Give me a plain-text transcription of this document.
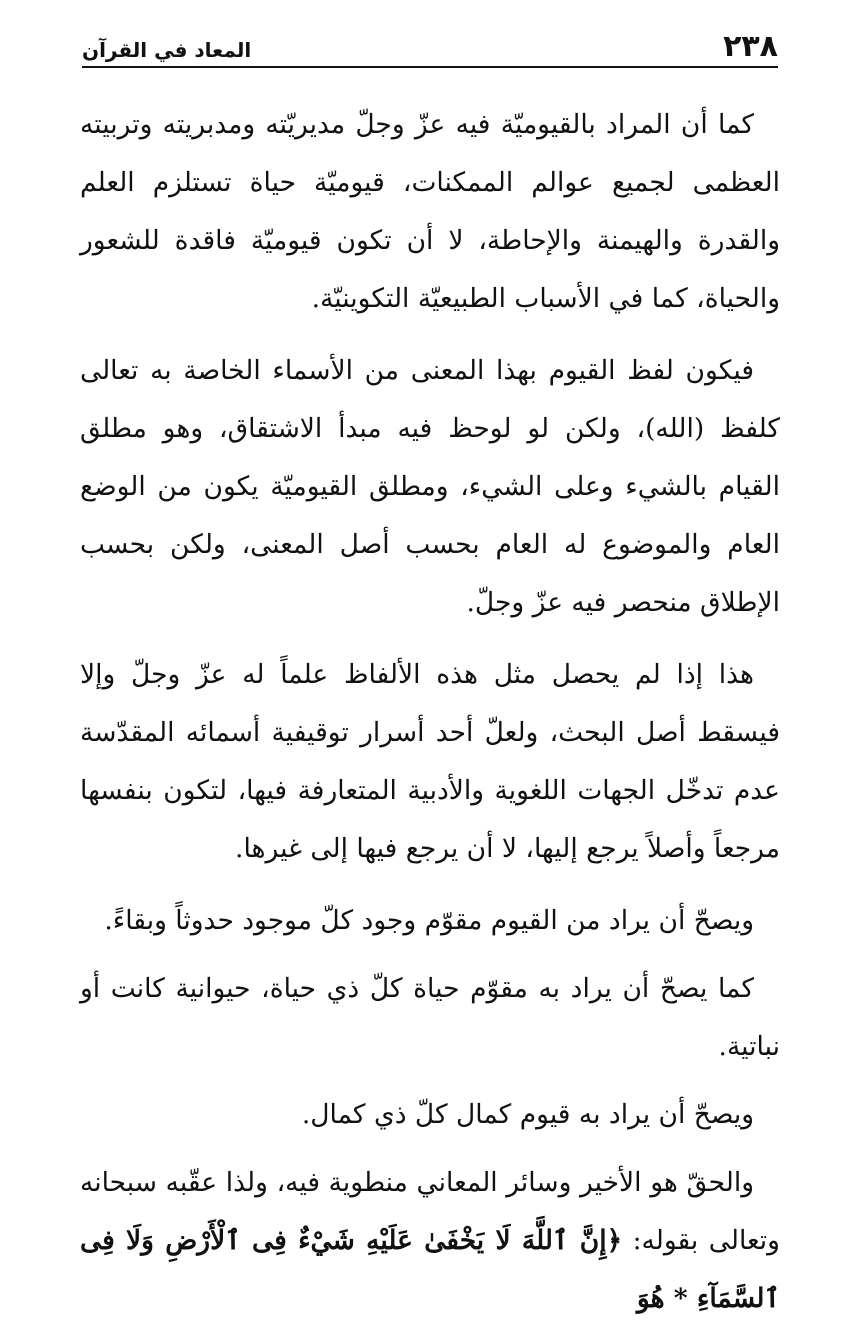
٢٣٨
المعاد في القرآن

كما أن المراد بالقيوميّة فيه عزّ وجلّ مديريّته ومدبريته وتربيته العظمى لجميع عوالم الممكنات، قيوميّة حياة تستلزم العلم والقدرة والهيمنة والإحاطة، لا أن تكون قيوميّة فاقدة للشعور والحياة، كما في الأسباب الطبيعيّة التكوينيّة.

فيكون لفظ القيوم بهذا المعنى من الأسماء الخاصة به تعالى كلفظ (الله)، ولكن لو لوحظ فيه مبدأ الاشتقاق، وهو مطلق القيام بالشيء وعلى الشيء، ومطلق القيوميّة يكون من الوضع العام والموضوع له العام بحسب أصل المعنى، ولكن بحسب الإطلاق منحصر فيه عزّ وجلّ.

هذا إذا لم يحصل مثل هذه الألفاظ علماً له عزّ وجلّ وإلا فيسقط أصل البحث، ولعلّ أحد أسرار توقيفية أسمائه المقدّسة عدم تدخّل الجهات اللغوية والأدبية المتعارفة فيها، لتكون بنفسها مرجعاً وأصلاً يرجع إليها، لا أن يرجع فيها إلى غيرها.

ويصحّ أن يراد من القيوم مقوّم وجود كلّ موجود حدوثاً وبقاءً.

كما يصحّ أن يراد به مقوّم حياة كلّ ذي حياة، حيوانية كانت أو نباتية.

ويصحّ أن يراد به قيوم كمال كلّ ذي كمال.

والحقّ هو الأخير وسائر المعاني منطوية فيه، ولذا عقّبه سبحانه وتعالى بقوله: ﴿إِنَّ ٱللَّهَ لَا يَخْفَىٰ عَلَيْهِ شَيْءٌ فِى ٱلْأَرْضِ وَلَا فِى ٱلسَّمَآءِ * هُوَ
